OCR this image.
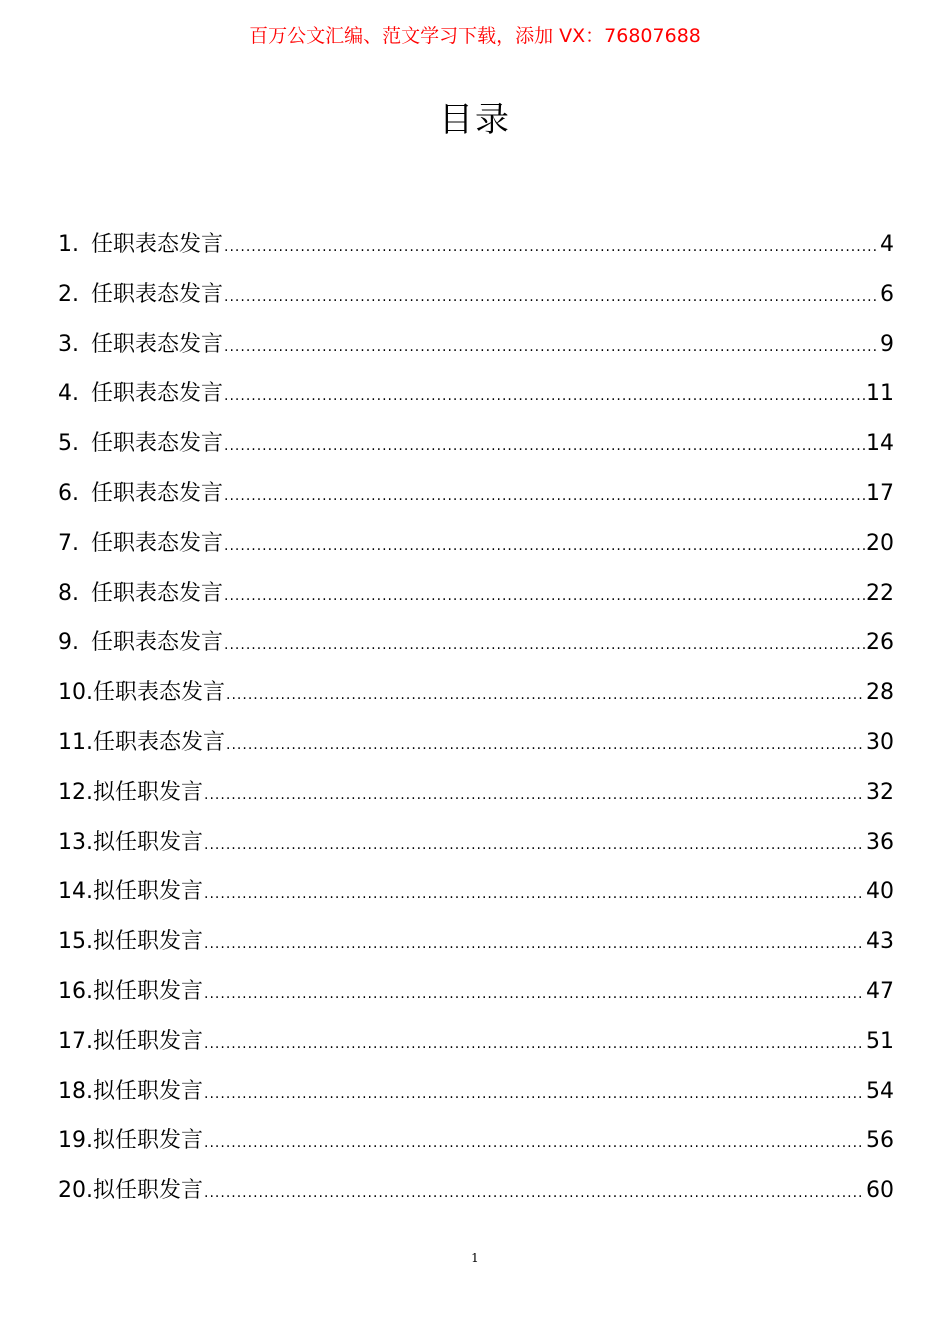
百万公文汇编、范文学习下载，添加 VX：76807688
目录
1. 任职表态发言 .....	4
2. 任职表态发言 .....	6
3. 任职表态发言 .....	9
4. 任职表态发言 .....	11
5. 任职表态发言 .....	14
6. 任职表态发言 .....	17
7. 任职表态发言 .....	20
8. 任职表态发言 .....	22
9. 任职表态发言 .....	26
10. 任职表态发言 .....	28
11. 任职表态发言 .....	30
12. 拟任职发言 .....	32
13. 拟任职发言 .....	36
14. 拟任职发言 .....	40
15. 拟任职发言 .....	43
16. 拟任职发言 .....	47
17. 拟任职发言 .....	51
18. 拟任职发言 .....	54
19. 拟任职发言 .....	56
20. 拟任职发言 .....	60
1
